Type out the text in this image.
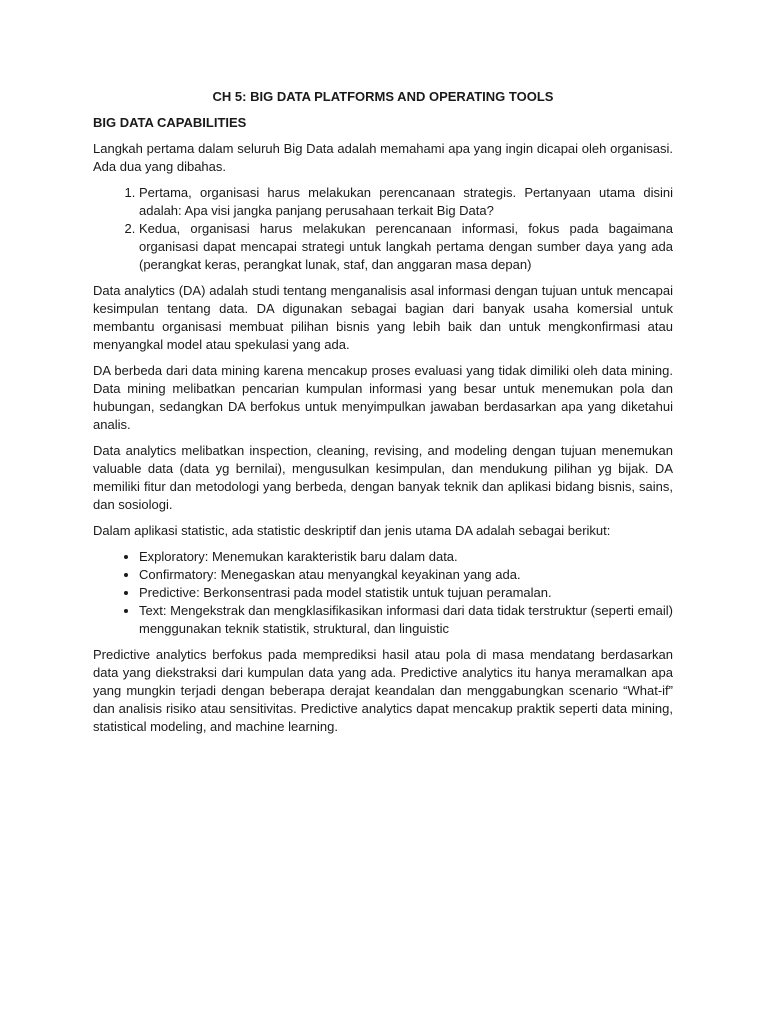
CH 5: BIG DATA PLATFORMS AND OPERATING TOOLS

BIG DATA CAPABILITIES

Langkah pertama dalam seluruh Big Data adalah memahami apa yang ingin dicapai oleh organisasi. Ada dua yang dibahas.

1. Pertama, organisasi harus melakukan perencanaan strategis. Pertanyaan utama disini adalah: Apa visi jangka panjang perusahaan terkait Big Data?
2. Kedua, organisasi harus melakukan perencanaan informasi, fokus pada bagaimana organisasi dapat mencapai strategi untuk langkah pertama dengan sumber daya yang ada (perangkat keras, perangkat lunak, staf, dan anggaran masa depan)

Data analytics (DA) adalah studi tentang menganalisis asal informasi dengan tujuan untuk mencapai kesimpulan tentang data. DA digunakan sebagai bagian dari banyak usaha komersial untuk membantu organisasi membuat pilihan bisnis yang lebih baik dan untuk mengkonfirmasi atau menyangkal model atau spekulasi yang ada.

DA berbeda dari data mining karena mencakup proses evaluasi yang tidak dimiliki oleh data mining. Data mining melibatkan pencarian kumpulan informasi yang besar untuk menemukan pola dan hubungan, sedangkan DA berfokus untuk menyimpulkan jawaban berdasarkan apa yang diketahui analis.

Data analytics melibatkan inspection, cleaning, revising, and modeling dengan tujuan menemukan valuable data (data yg bernilai), mengusulkan kesimpulan, dan mendukung pilihan yg bijak. DA memiliki fitur dan metodologi yang berbeda, dengan banyak teknik dan aplikasi bidang bisnis, sains, dan sosiologi.

Dalam aplikasi statistic, ada statistic deskriptif dan jenis utama DA adalah sebagai berikut:

• Exploratory: Menemukan karakteristik baru dalam data.
• Confirmatory: Menegaskan atau menyangkal keyakinan yang ada.
• Predictive: Berkonsentrasi pada model statistik untuk tujuan peramalan.
• Text: Mengekstrak dan mengklasifikasikan informasi dari data tidak terstruktur (seperti email) menggunakan teknik statistik, struktural, dan linguistic

Predictive analytics berfokus pada memprediksi hasil atau pola di masa mendatang berdasarkan data yang diekstraksi dari kumpulan data yang ada. Predictive analytics itu hanya meramalkan apa yang mungkin terjadi dengan beberapa derajat keandalan dan menggabungkan scenario “What-if” dan analisis risiko atau sensitivitas. Predictive analytics dapat mencakup praktik seperti data mining, statistical modeling, and machine learning.
